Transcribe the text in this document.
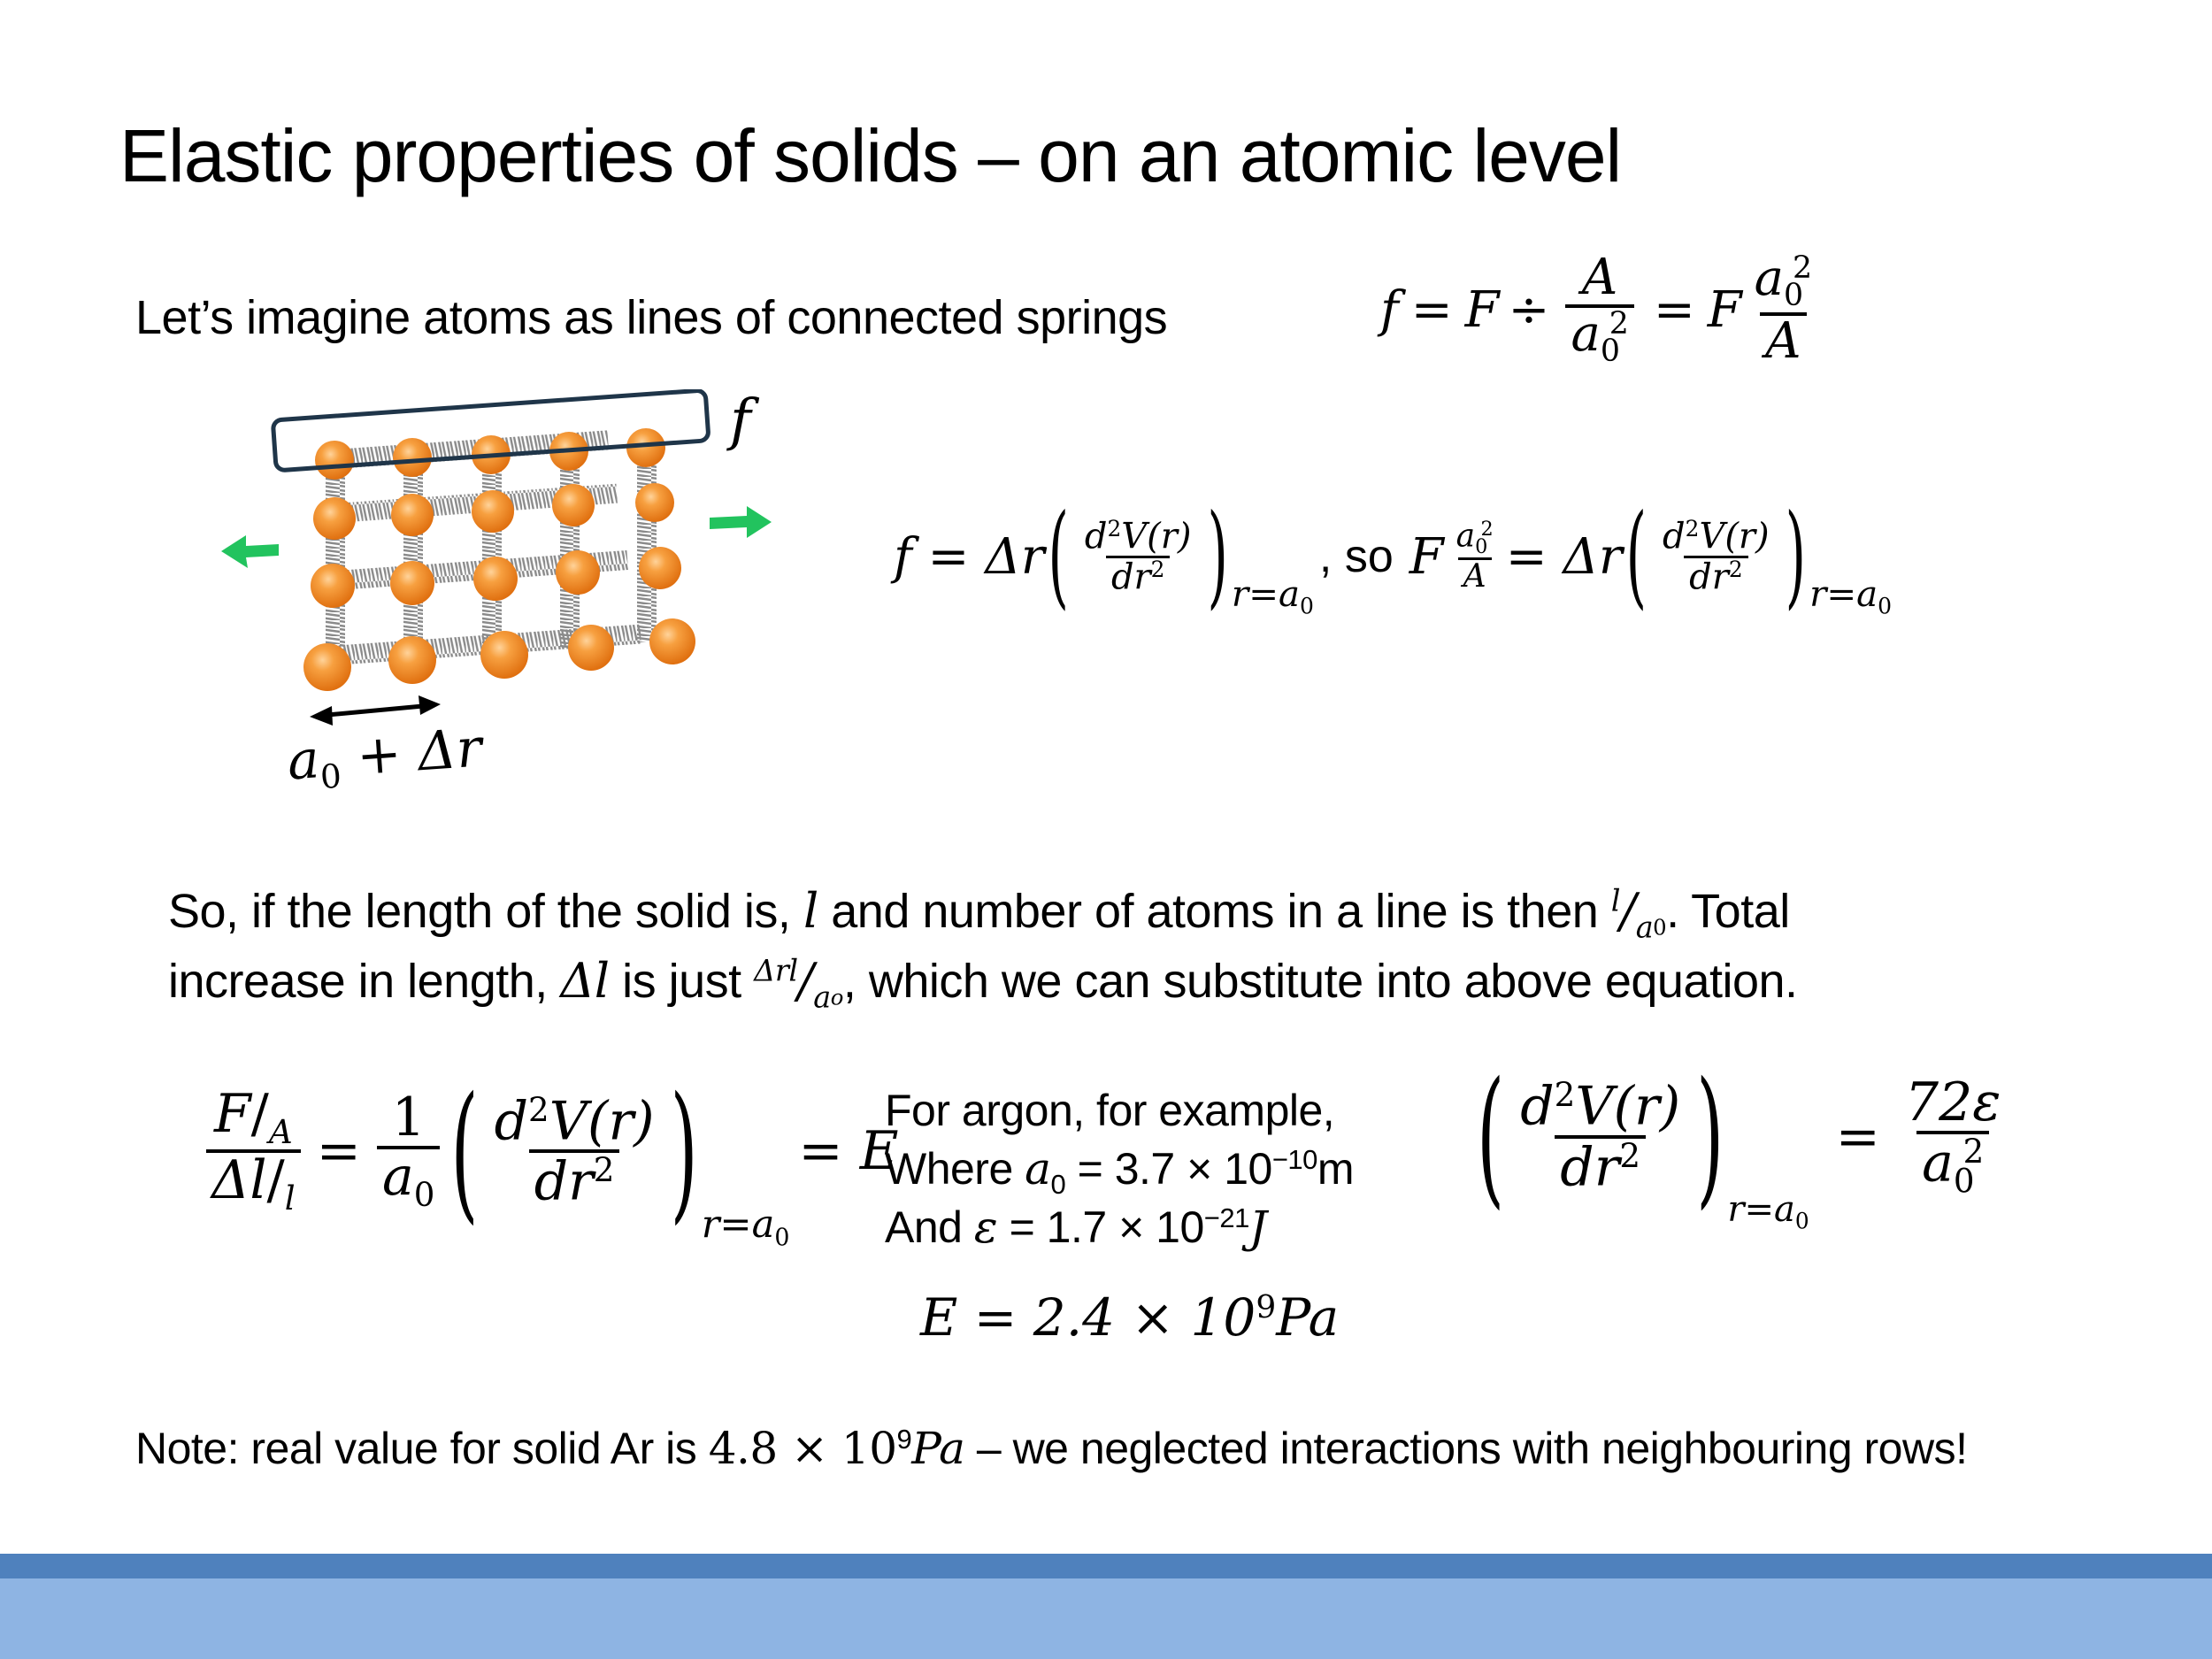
Elastic properties of solids – on an atomic level
Let’s imagine atoms as lines of connected springs	$f = F \div \frac{A}{a_0^2} = F \frac{a_0^2}{A}$
f
$a_0 + \Delta r$
f = Δr ( $\frac{d^2V(r)}{dr^2}$ ) $r=a_0$
, so F $\frac{a_0^2}{A} = \Delta r$ ( $\frac{d^2V(r)}{dr^2}$ ) $r=a_0$
So, if the length of the solid is, l and number of atoms in a line is then $^l/_{a0}$. Total
increase in length, Δl is just $^{\Delta rl}/_{ao}$, which we can substitute into above equation.
$\frac{F/_A}{\Delta l/_l} = \frac{1}{a_0}$ ( $\frac{d^2V(r)}{dr^2}$ ) $r=a_0$
= E
For argon, for example,
Where $a_0 = 3.7 \times 10^{-10}m$
And $\varepsilon = 1.7 \times 10^{-21}J$
( $\frac{d^2V(r)}{dr^2}$ ) $r=a_0$
= $\frac{72\varepsilon}{a_0^2}$
$E = 2.4 \times 10^9Pa$
Note: real value for solid Ar is $4.8 \times 10^9Pa$ – we neglected interactions with neighbouring rows!
